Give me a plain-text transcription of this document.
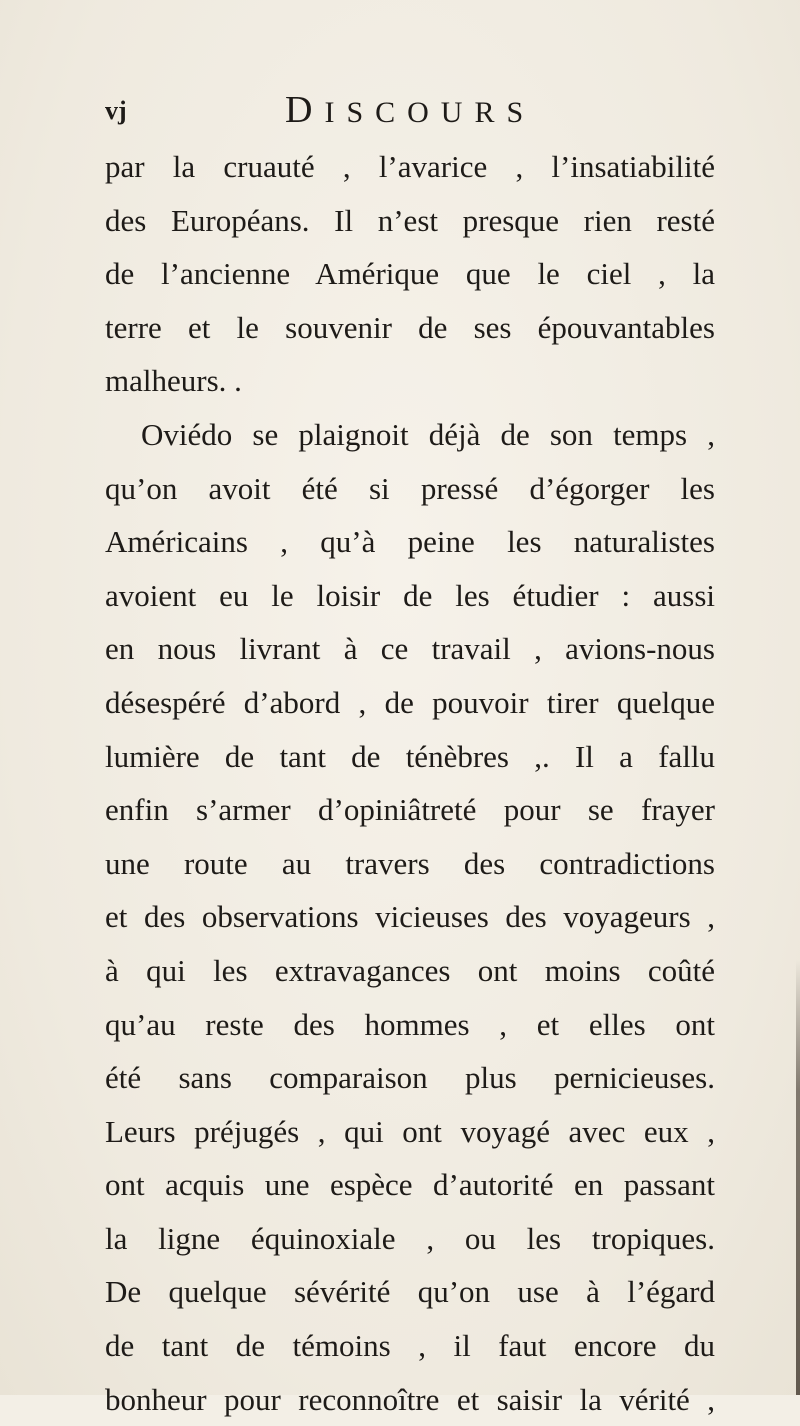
vj	DISCOURS
par la cruauté , l’avarice , l’insatiabilité
des Européans. Il n’est presque rien resté
de l’ancienne Amérique que le ciel , la
terre et le souvenir de ses épouvantables
malheurs. .
Oviédo se plaignoit déjà de son temps ,
qu’on avoit été si pressé d’égorger les
Américains , qu’à peine les naturalistes
avoient eu le loisir de les étudier : aussi
en nous livrant à ce travail , avions-nous
désespéré d’abord , de pouvoir tirer quelque
lumière de tant de ténèbres ,. Il a fallu
enfin s’armer d’opiniâtreté pour se frayer
une route au travers des contradictions
et des observations vicieuses des voyageurs ,
à qui les extravagances ont moins coûté
qu’au reste des hommes , et elles ont
été sans comparaison plus pernicieuses.
Leurs préjugés , qui ont voyagé avec eux ,
ont acquis une espèce d’autorité en passant
la ligne équinoxiale , ou les tropiques.
De quelque sévérité qu’on use à l’égard
de tant de témoins , il faut encore du
bonheur pour reconnoître et saisir la vérité ,
